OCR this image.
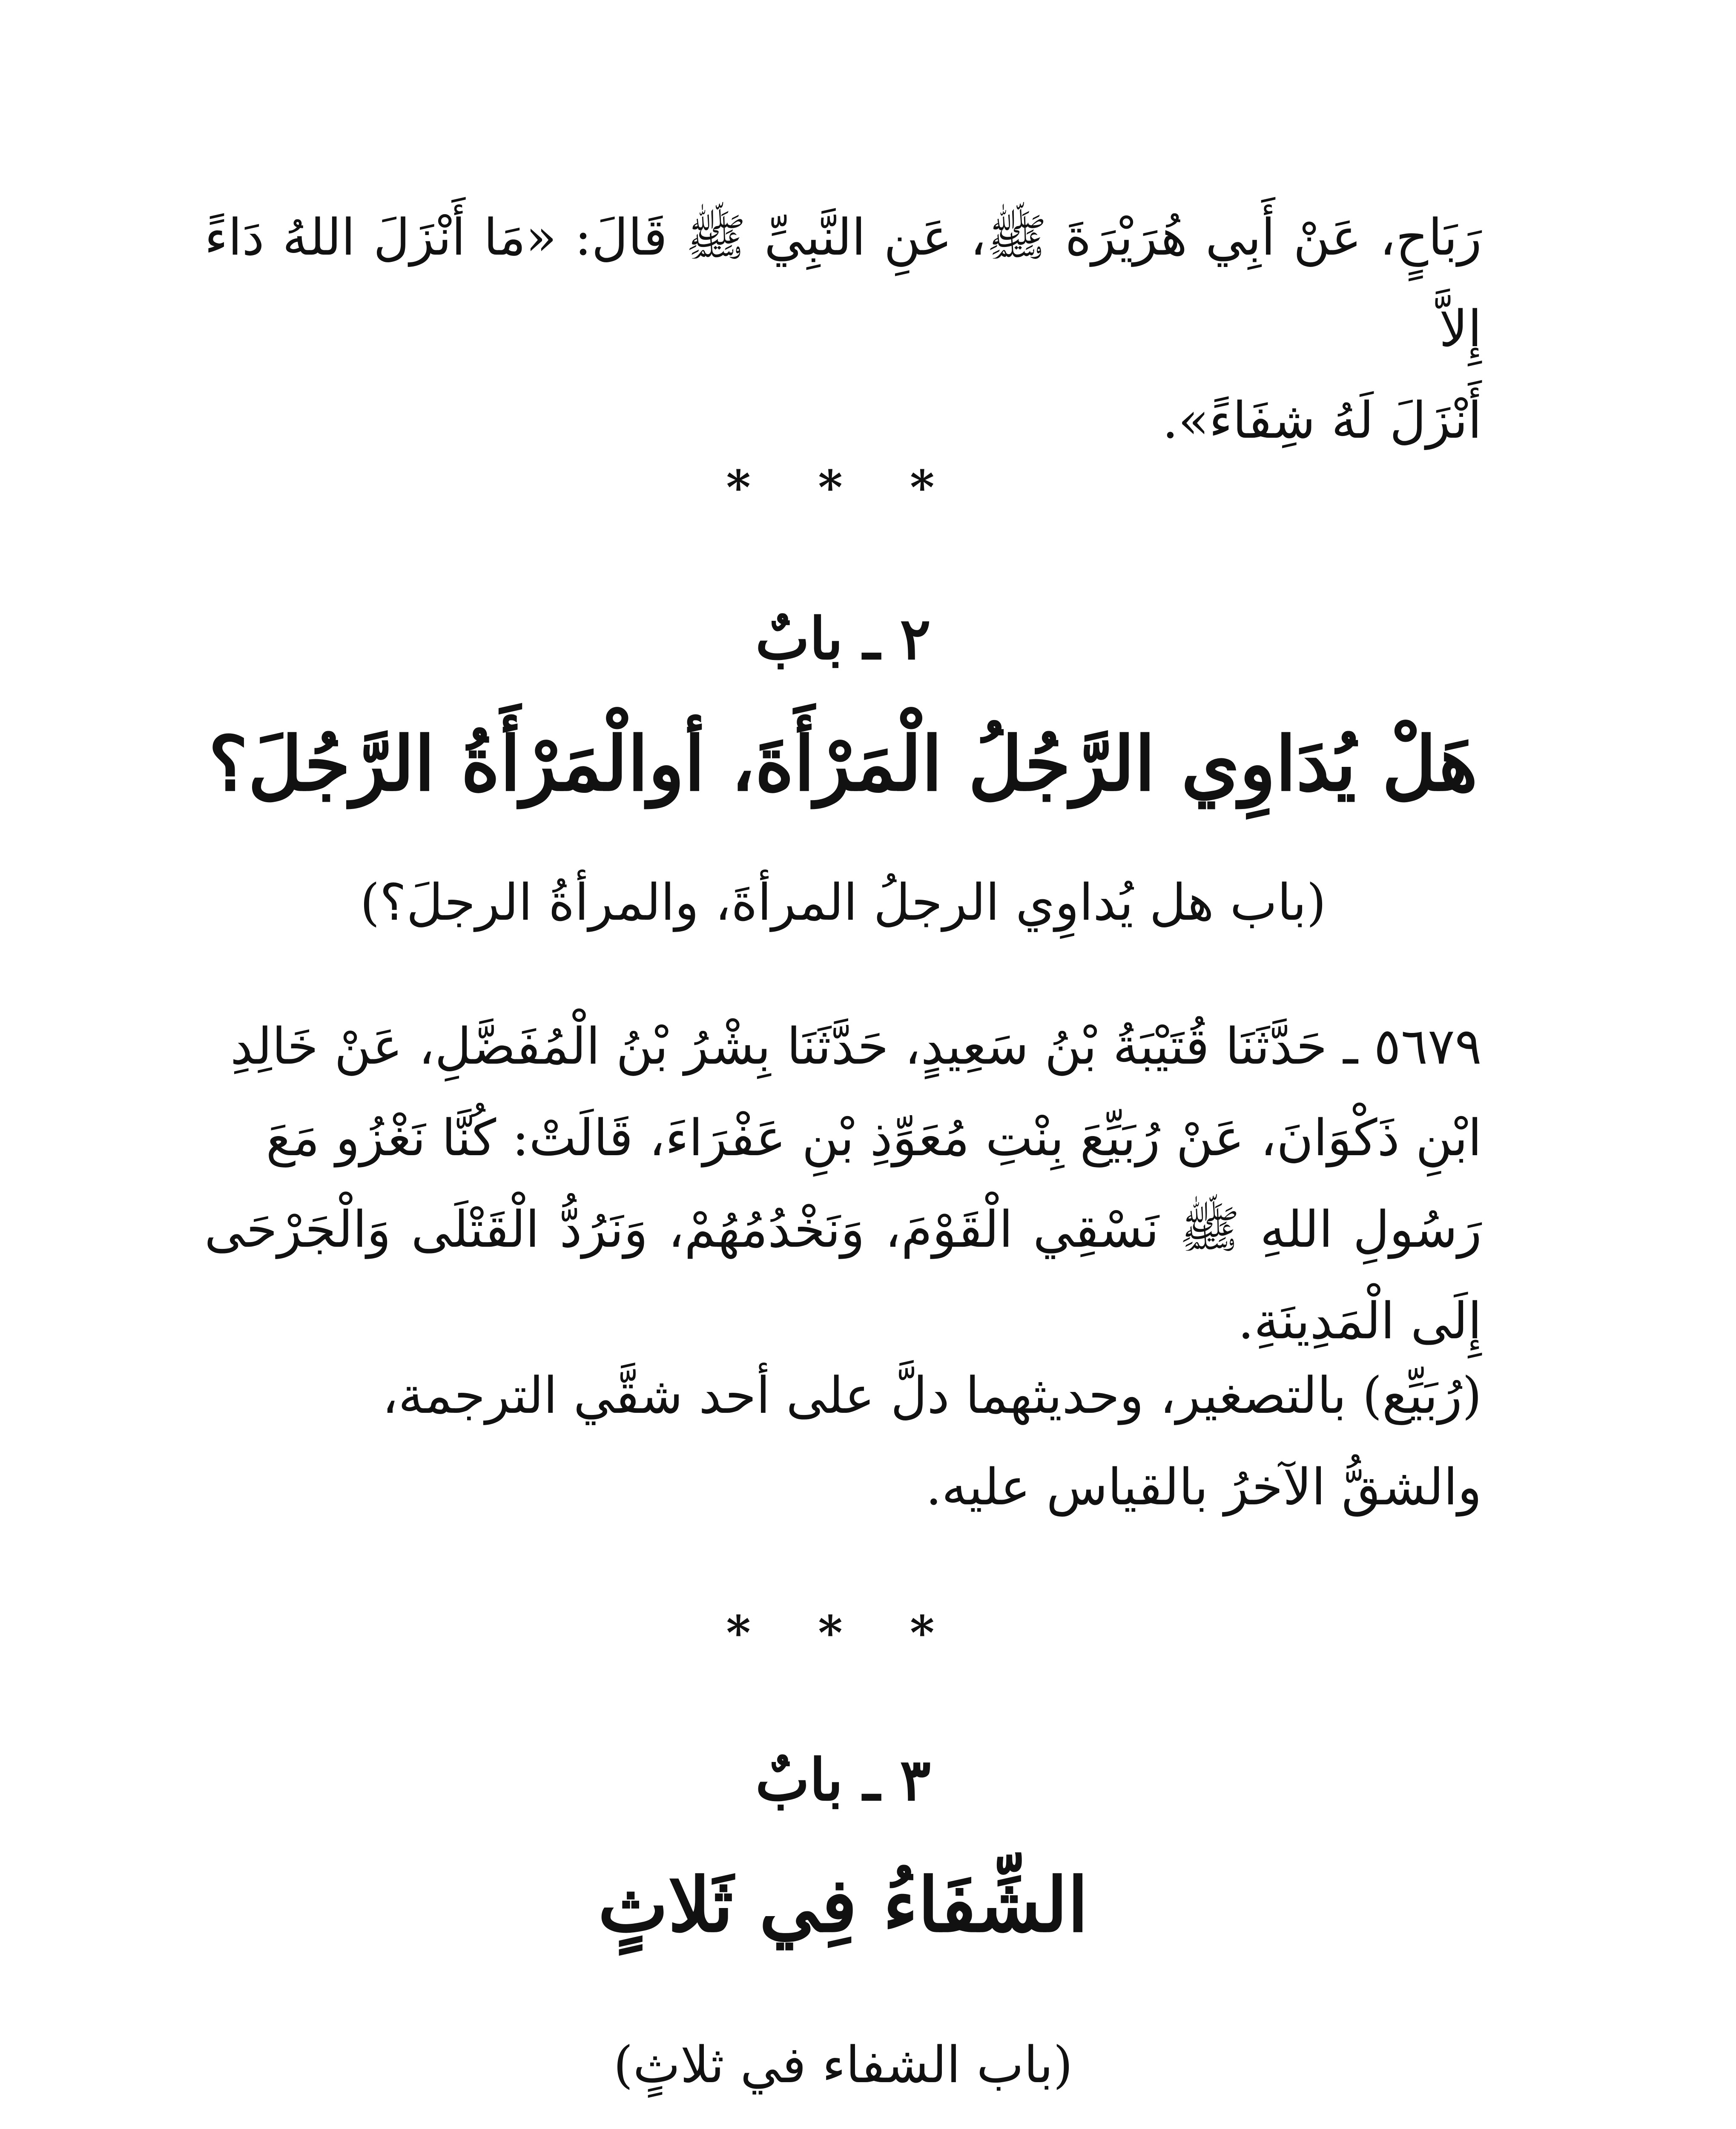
رَبَاحٍ، عَنْ أَبِي هُرَيْرَةَ ﷺ، عَنِ النَّبِيِّ ﷺ قَالَ: «مَا أَنْزَلَ اللهُ دَاءً إِلاَّ

أَنْزَلَ لَهُ شِفَاءً».

* * *
٢ ـ بابٌ
هَلْ يُدَاوِي الرَّجُلُ الْمَرْأَةَ، أوالْمَرْأَةُ الرَّجُلَ؟
(باب هل يُداوِي الرجلُ المرأةَ، والمرأةُ الرجلَ؟)

٥٦٧٩ ـ حَدَّثَنَا قُتَيْبَةُ بْنُ سَعِيدٍ، حَدَّثَنَا بِشْرُ بْنُ الْمُفَضَّلِ، عَنْ خَالِدِ

ابْنِ ذَكْوَانَ، عَنْ رُبَيِّعَ بِنْتِ مُعَوِّذِ بْنِ عَفْرَاءَ، قَالَتْ: كُنَّا نَغْزُو مَعَ

رَسُولِ اللهِ ﷺ نَسْقِي الْقَوْمَ، وَنَخْدُمُهُمْ، وَنَرُدُّ الْقَتْلَى وَالْجَرْحَى إِلَى الْمَدِينَةِ.

(رُبَيِّع) بالتصغير، وحديثهما دلَّ على أحد شقَّي الترجمة،

والشقُّ الآخرُ بالقياس عليه.

* * *
٣ ـ بابٌ
الشِّفَاءُ فِي ثَلاثٍ
(باب الشفاء في ثلاثٍ)
